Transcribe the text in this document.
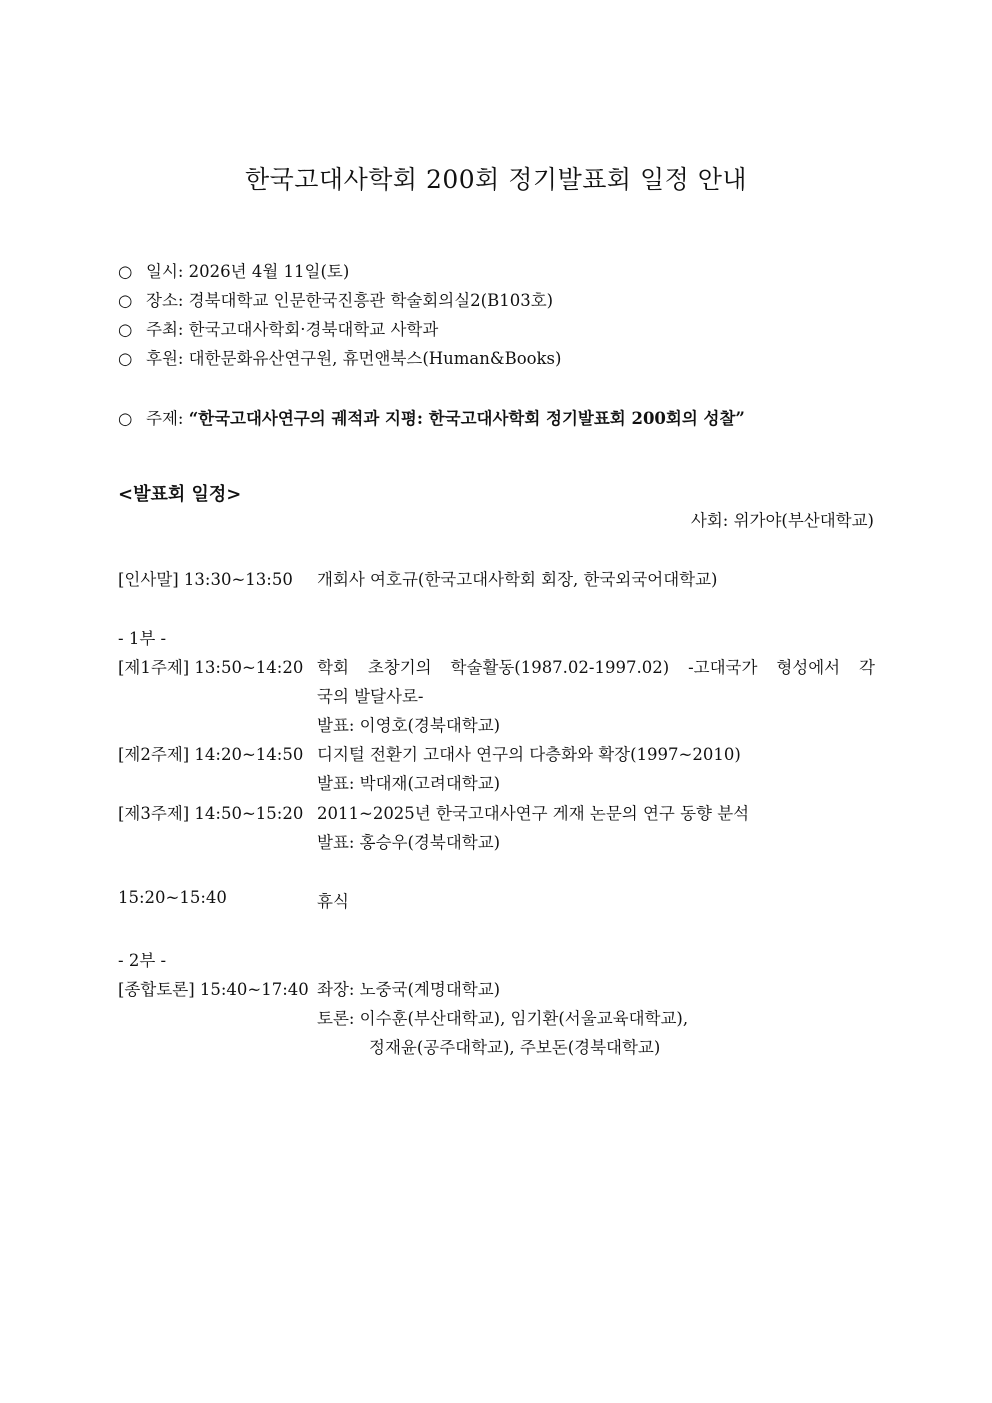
한국고대사학회 200회 정기발표회 일정 안내
○ 일시: 2026년 4월 11일(토)
○ 장소: 경북대학교 인문한국진흥관 학술회의실2(B103호)
○ 주최: 한국고대사학회·경북대학교 사학과
○ 후원: 대한문화유산연구원, 휴먼앤북스(Human&Books)
○ 주제: “한국고대사연구의 궤적과 지평: 한국고대사학회 정기발표회 200회의 성찰”
<발표회 일정>
사회: 위가야(부산대학교)
[인사말] 13:30~13:50 개회사 여호규(한국고대사학회 회장, 한국외국어대학교)
- 1부 -
[제1주제] 13:50~14:20 학회 초창기의 학술활동(1987.02-1997.02) -고대국가 형성에서 각
국의 발달사로-
발표: 이영호(경북대학교)
[제2주제] 14:20~14:50 디지털 전환기 고대사 연구의 다층화와 확장(1997~2010)
발표: 박대재(고려대학교)
[제3주제] 14:50~15:20 2011~2025년 한국고대사연구 게재 논문의 연구 동향 분석
발표: 홍승우(경북대학교)
15:20~15:40	휴식
- 2부 -
[종합토론] 15:40~17:40 좌장: 노중국(계명대학교)
토론: 이수훈(부산대학교), 임기환(서울교육대학교),
정재윤(공주대학교), 주보돈(경북대학교)
